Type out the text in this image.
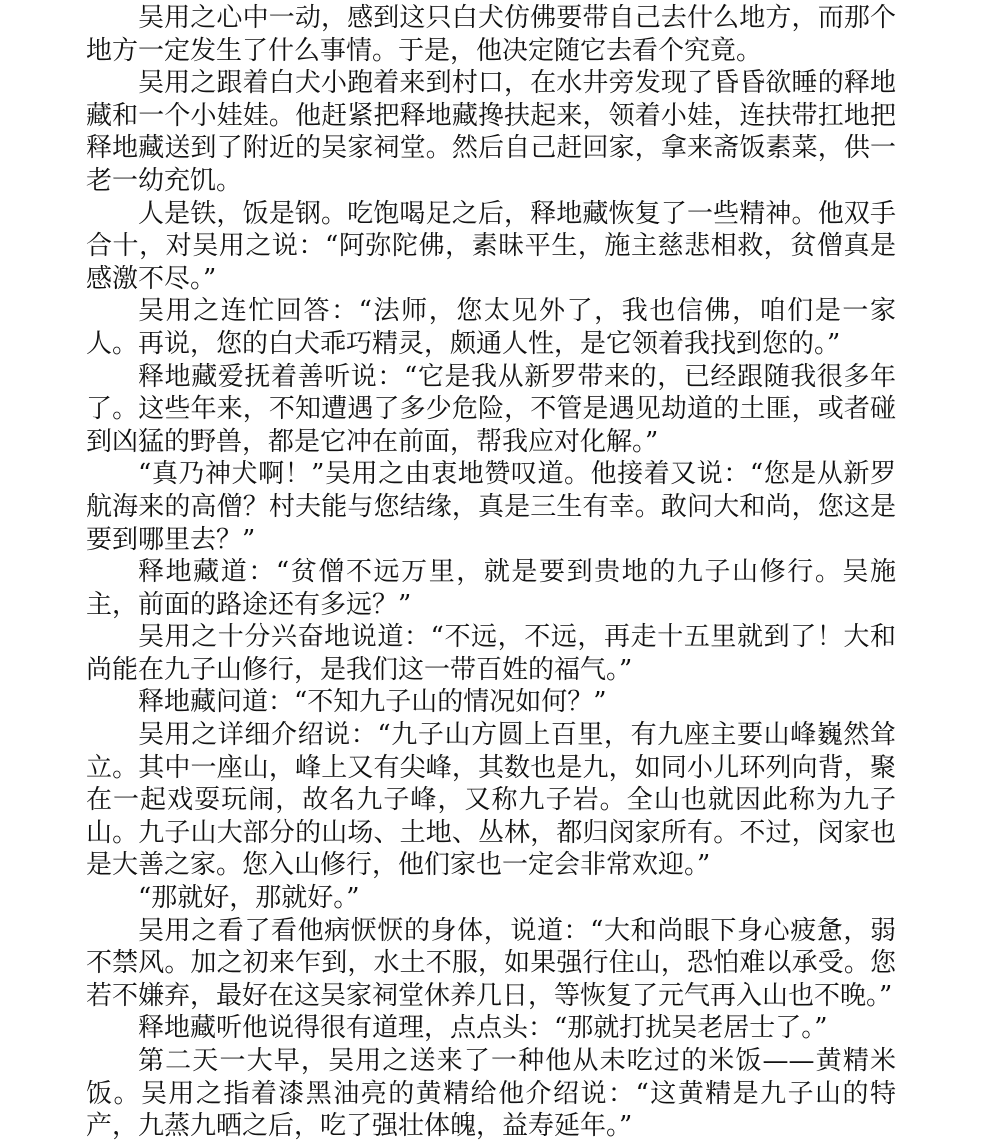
吴用之心中一动，感到这只白犬仿佛要带自己去什么地方，而那个地方一定发生了什么事情。于是，他决定随它去看个究竟。

吴用之跟着白犬小跑着来到村口，在水井旁发现了昏昏欲睡的释地藏和一个小娃娃。他赶紧把释地藏搀扶起来，领着小娃，连扶带扛地把释地藏送到了附近的吴家祠堂。然后自己赶回家，拿来斋饭素菜，供一老一幼充饥。

人是铁，饭是钢。吃饱喝足之后，释地藏恢复了一些精神。他双手合十，对吴用之说：“阿弥陀佛，素昧平生，施主慈悲相救，贫僧真是感激不尽。”

吴用之连忙回答：“法师，您太见外了，我也信佛，咱们是一家人。再说，您的白犬乖巧精灵，颇通人性，是它领着我找到您的。”

释地藏爱抚着善听说：“它是我从新罗带来的，已经跟随我很多年了。这些年来，不知遭遇了多少危险，不管是遇见劫道的土匪，或者碰到凶猛的野兽，都是它冲在前面，帮我应对化解。”

“真乃神犬啊！”吴用之由衷地赞叹道。他接着又说：“您是从新罗航海来的高僧？村夫能与您结缘，真是三生有幸。敢问大和尚，您这是要到哪里去？”

释地藏道：“贫僧不远万里，就是要到贵地的九子山修行。吴施主，前面的路途还有多远？”

吴用之十分兴奋地说道：“不远，不远，再走十五里就到了！大和尚能在九子山修行，是我们这一带百姓的福气。”

释地藏问道：“不知九子山的情况如何？”

吴用之详细介绍说：“九子山方圆上百里，有九座主要山峰巍然耸立。其中一座山，峰上又有尖峰，其数也是九，如同小儿环列向背，聚在一起戏耍玩闹，故名九子峰，又称九子岩。全山也就因此称为九子山。九子山大部分的山场、土地、丛林，都归闵家所有。不过，闵家也是大善之家。您入山修行，他们家也一定会非常欢迎。”

“那就好，那就好。”

吴用之看了看他病恹恹的身体，说道：“大和尚眼下身心疲惫，弱不禁风。加之初来乍到，水土不服，如果强行住山，恐怕难以承受。您若不嫌弃，最好在这吴家祠堂休养几日，等恢复了元气再入山也不晚。”

释地藏听他说得很有道理，点点头：“那就打扰吴老居士了。”

第二天一大早，吴用之送来了一种他从未吃过的米饭——黄精米饭。吴用之指着漆黑油亮的黄精给他介绍说：“这黄精是九子山的特产，九蒸九晒之后，吃了强壮体魄，益寿延年。”
